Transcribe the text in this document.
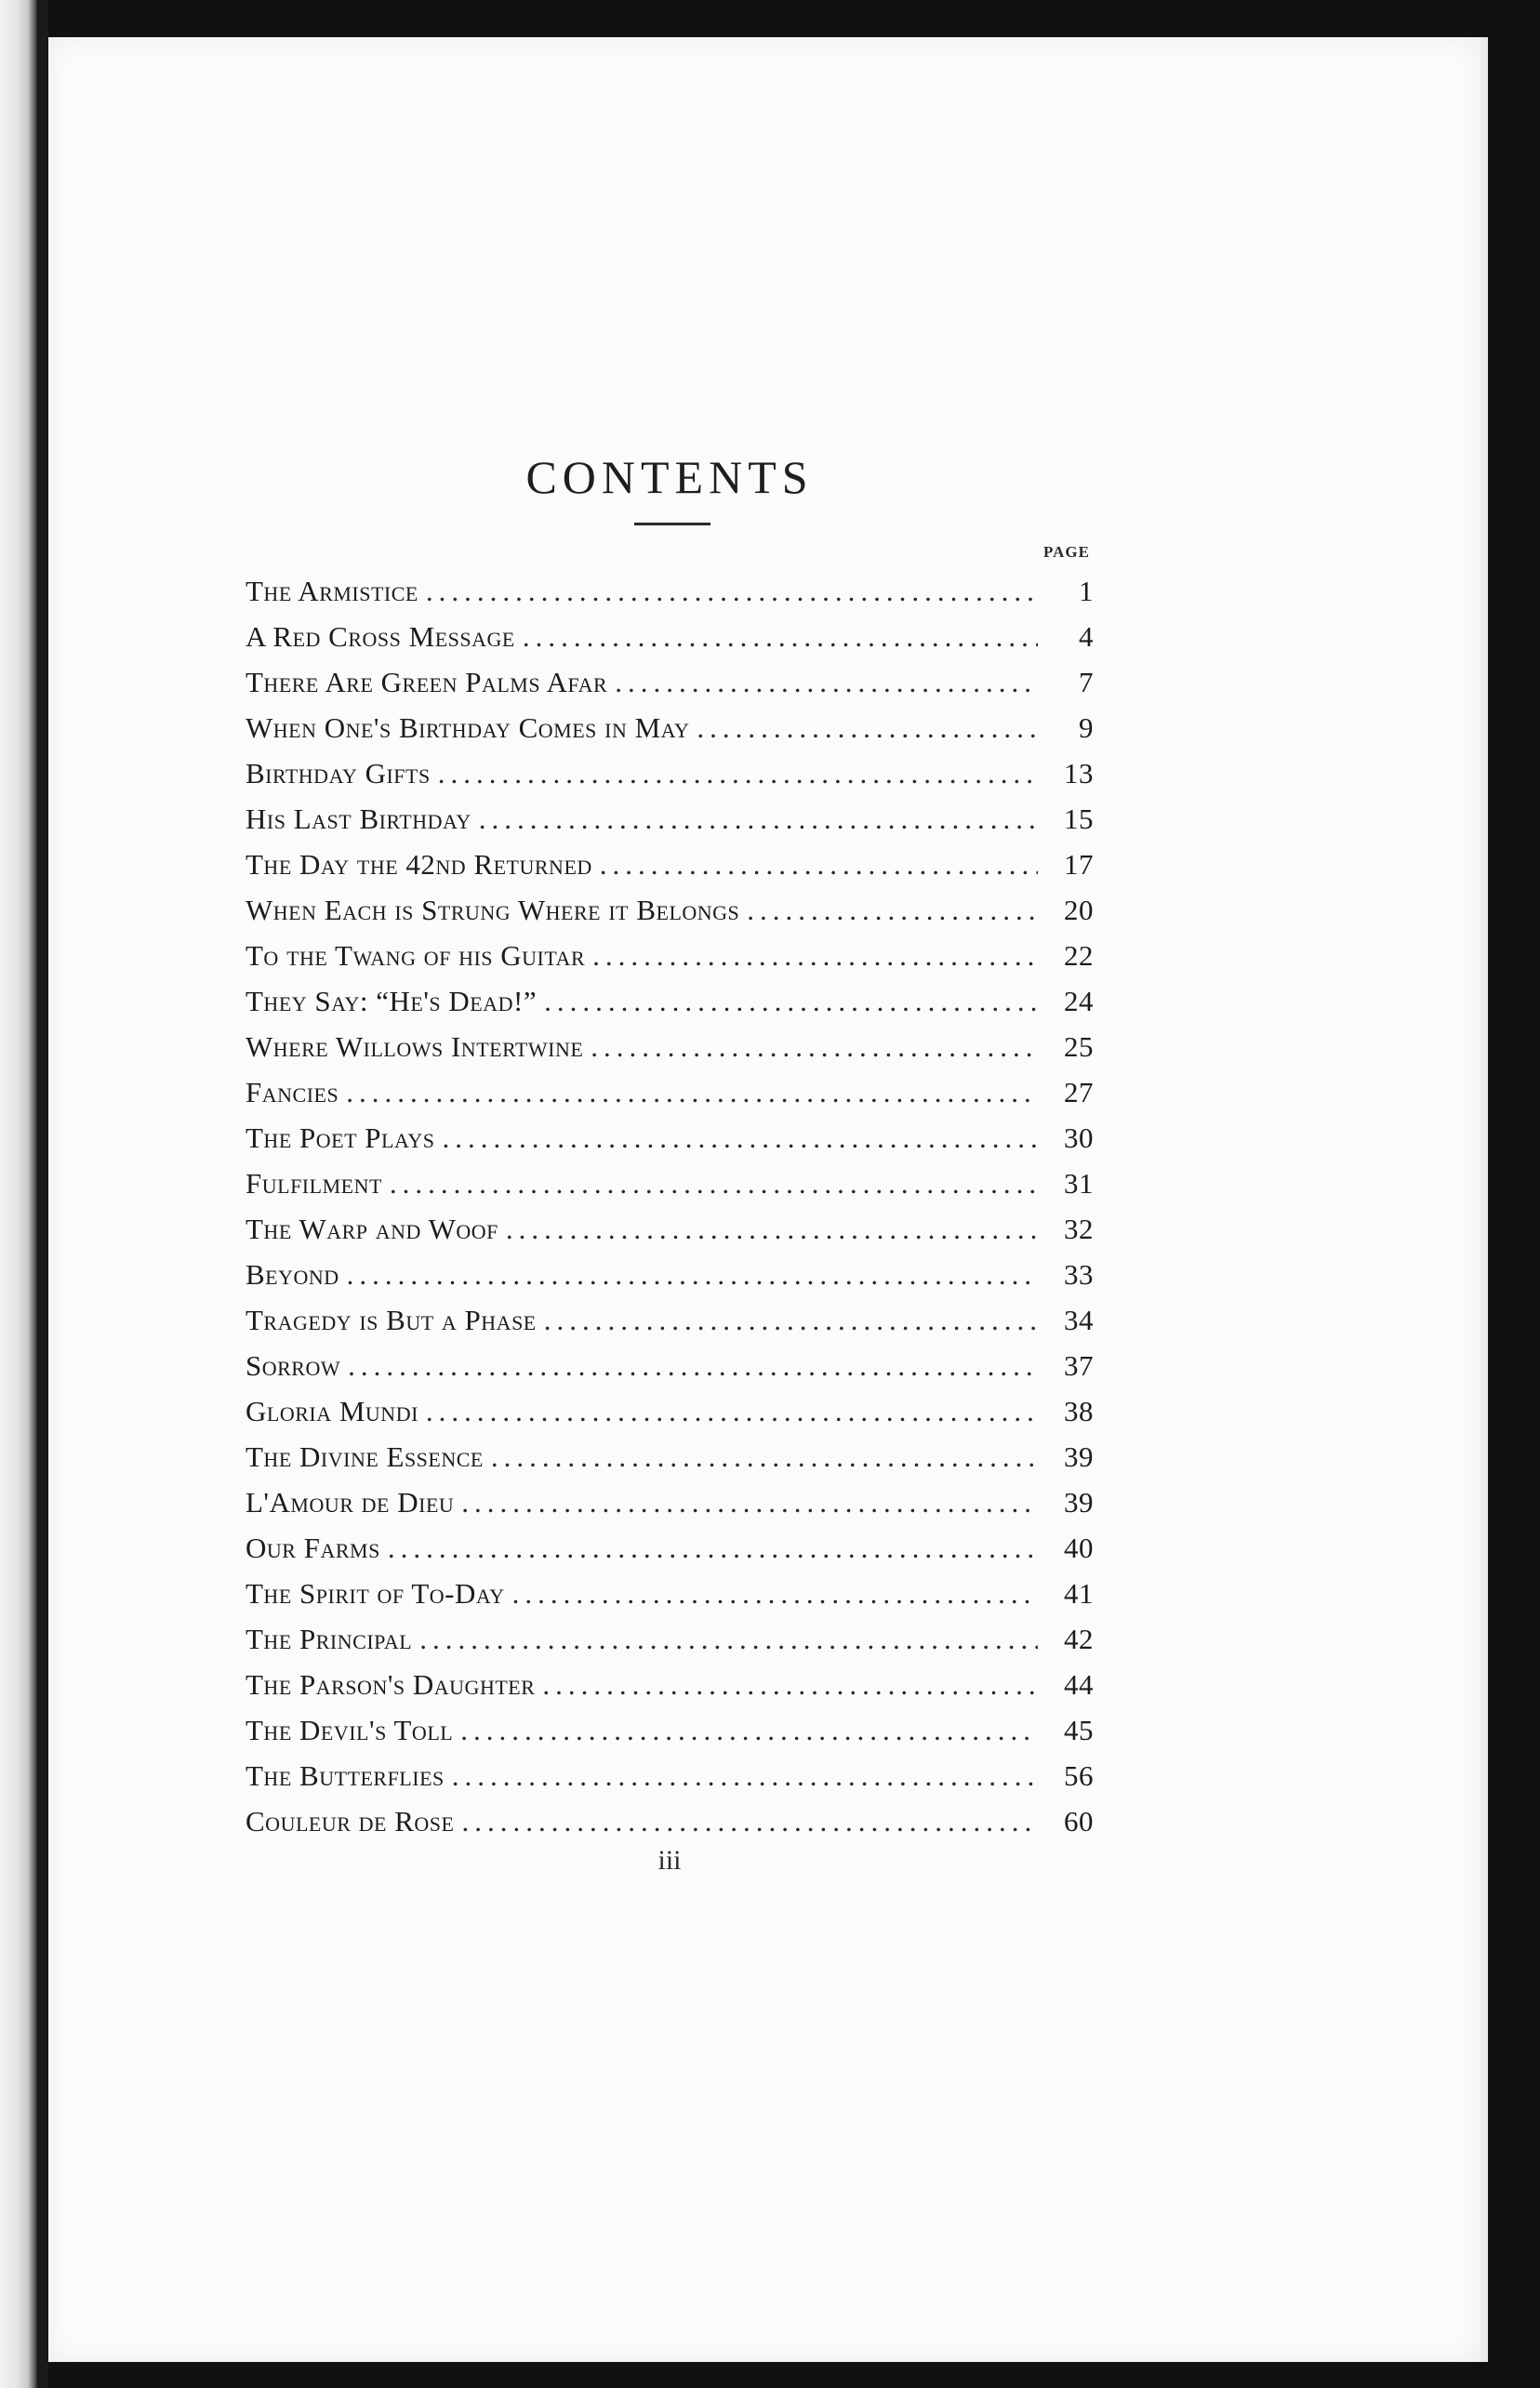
CONTENTS
PAGE
The Armistice .....	1
A Red Cross Message .....	4
There Are Green Palms Afar .....	7
When One's Birthday Comes in May .....	9
Birthday Gifts .....	13
His Last Birthday .....	15
The Day the 42nd Returned .....	17
When Each is Strung Where it Belongs .....	20
To the Twang of his Guitar .....	22
They Say: “He's Dead!” .....	24
Where Willows Intertwine .....	25
Fancies .....	27
The Poet Plays .....	30
Fulfilment .....	31
The Warp and Woof .....	32
Beyond .....	33
Tragedy is But a Phase .....	34
Sorrow .....	37
Gloria Mundi .....	38
The Divine Essence .....	39
L'Amour de Dieu .....	39
Our Farms .....	40
The Spirit of To-Day .....	41
The Principal .....	42
The Parson's Daughter .....	44
The Devil's Toll .....	45
The Butterflies .....	56
Couleur de Rose .....	60
iii
